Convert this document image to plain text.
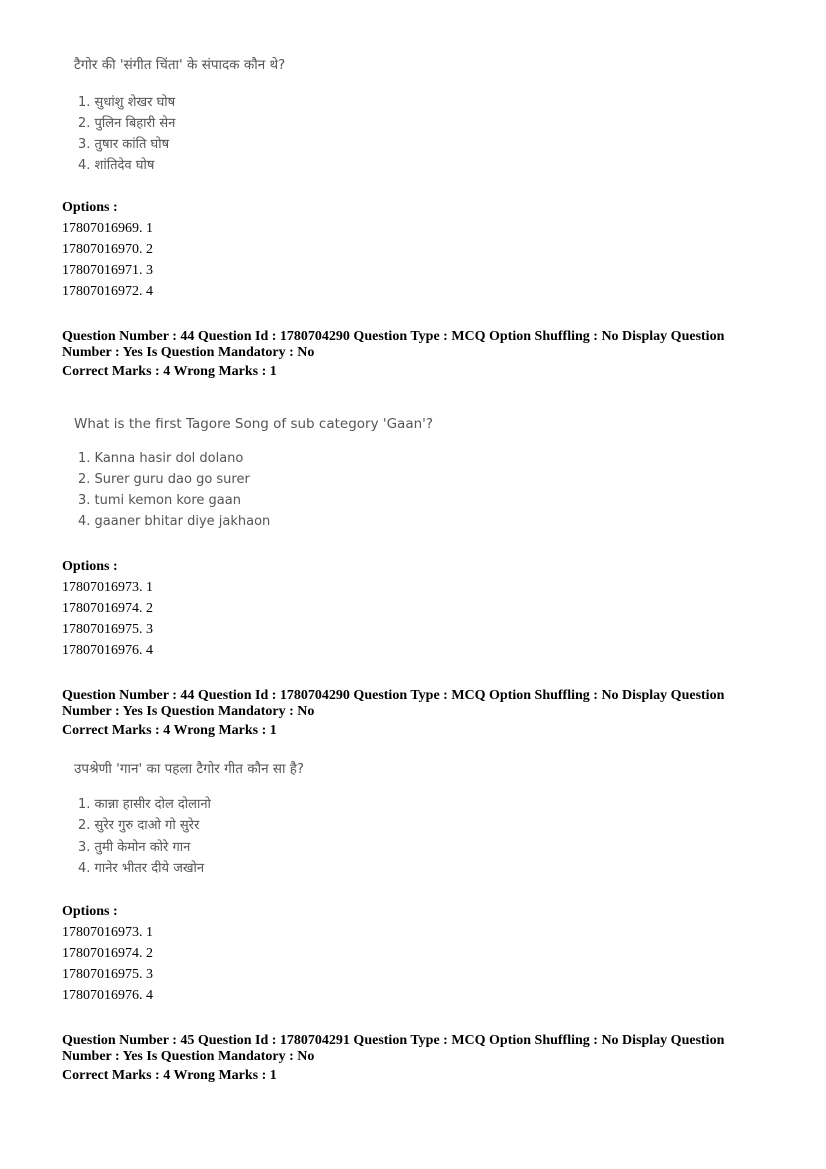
टैगोर की 'संगीत चिंता' के संपादक कौन थे?
1. सुधांशु शेखर घोष
2. पुलिन बिहारी सेन
3. तुषार कांति घोष
4. शांतिदेव घोष
Options :
17807016969. 1
17807016970. 2
17807016971. 3
17807016972. 4
Question Number : 44 Question Id : 1780704290 Question Type : MCQ Option Shuffling : No Display Question
Number : Yes Is Question Mandatory : No
Correct Marks : 4 Wrong Marks : 1
What is the first Tagore Song of sub category 'Gaan'?
1. Kanna hasir dol dolano
2. Surer guru dao go surer
3. tumi kemon kore gaan
4. gaaner bhitar diye jakhaon
Options :
17807016973. 1
17807016974. 2
17807016975. 3
17807016976. 4
Question Number : 44 Question Id : 1780704290 Question Type : MCQ Option Shuffling : No Display Question
Number : Yes Is Question Mandatory : No
Correct Marks : 4 Wrong Marks : 1
उपश्रेणी 'गान' का पहला टैगोर गीत कौन सा है?
1. कान्ना हासीर दोल दोलानो
2. सुरेर गुरु दाओ गो सुरेर
3. तुमी केमोन कोरे गान
4. गानेर भीतर दीये जखोन
Options :
17807016973. 1
17807016974. 2
17807016975. 3
17807016976. 4
Question Number : 45 Question Id : 1780704291 Question Type : MCQ Option Shuffling : No Display Question
Number : Yes Is Question Mandatory : No
Correct Marks : 4 Wrong Marks : 1
